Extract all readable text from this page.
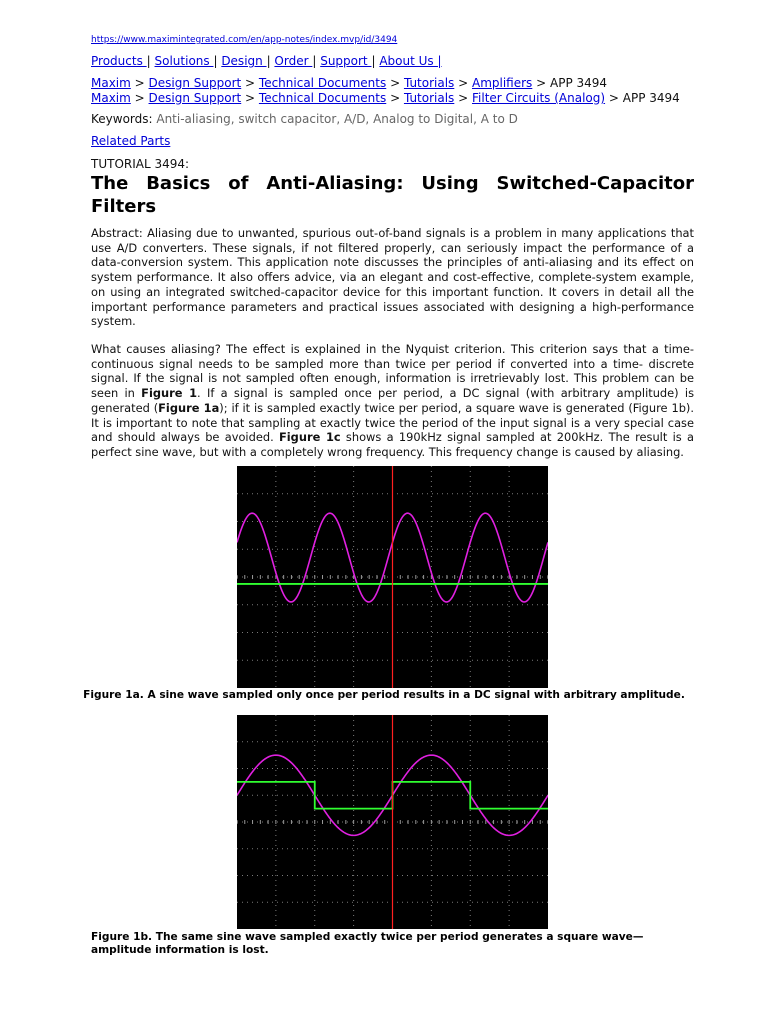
https://www.maximintegrated.com/en/app-notes/index.mvp/id/3494
Products | Solutions | Design | Order | Support | About Us |
Maxim > Design Support > Technical Documents > Tutorials > Amplifiers > APP 3494
Maxim > Design Support > Technical Documents > Tutorials > Filter Circuits (Analog) > APP 3494
Keywords: Anti-aliasing, switch capacitor, A/D, Analog to Digital, A to D
Related Parts
TUTORIAL 3494:
The Basics of Anti-Aliasing: Using Switched-Capacitor Filters

Abstract: Aliasing due to unwanted, spurious out-of-band signals is a problem in many applications that use A/D converters. These signals, if not filtered properly, can seriously impact the performance of a data-conversion system. This application note discusses the principles of anti-aliasing and its effect on system performance. It also offers advice, via an elegant and cost-effective, complete-system example, on using an integrated switched-capacitor device for this important function. It covers in detail all the important performance parameters and practical issues associated with designing a high-performance system.

What causes aliasing? The effect is explained in the Nyquist criterion. This criterion says that a time-continuous signal needs to be sampled more than twice per period if converted into a time- discrete signal. If the signal is not sampled often enough, information is irretrievably lost. This problem can be seen in Figure 1. If a signal is sampled once per period, a DC signal (with arbitrary amplitude) is generated (Figure 1a); if it is sampled exactly twice per period, a square wave is generated (Figure 1b). It is important to note that sampling at exactly twice the period of the input signal is a very special case and should always be avoided. Figure 1c shows a 190kHz signal sampled at 200kHz. The result is a perfect sine wave, but with a completely wrong frequency. This frequency change is caused by aliasing.

Figure 1a. A sine wave sampled only once per period results in a DC signal with arbitrary amplitude.
Figure 1b. The same sine wave sampled exactly twice per period generates a square wave—amplitude information is lost.
